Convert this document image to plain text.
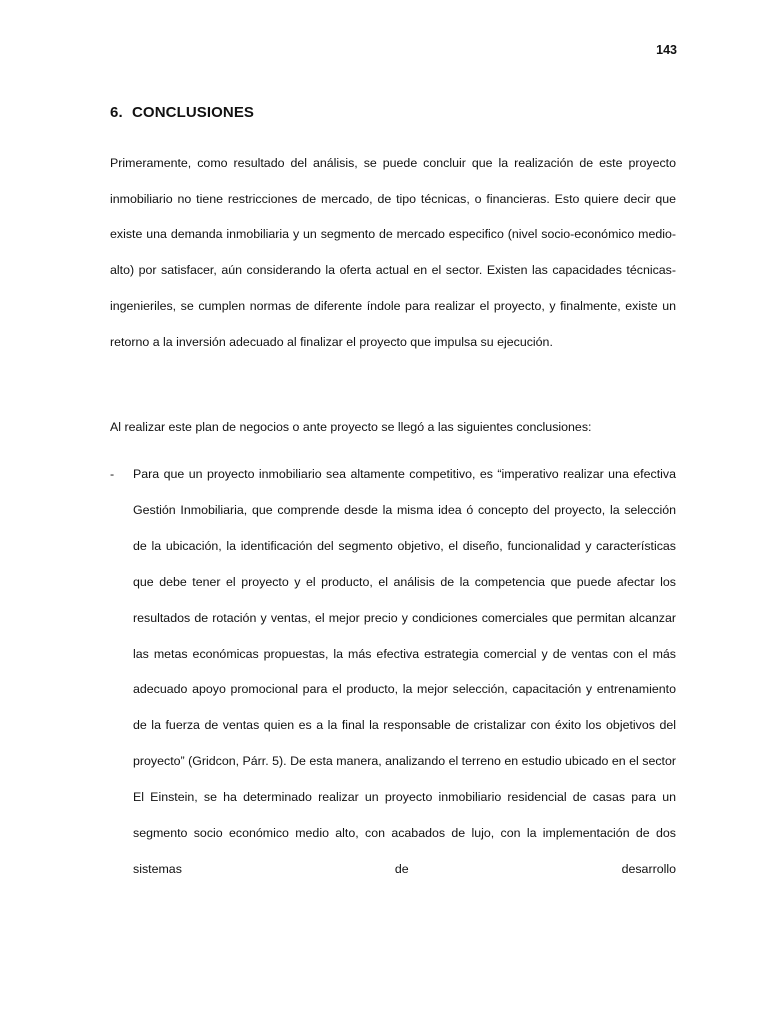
143
6. CONCLUSIONES

Primeramente, como resultado del análisis, se puede concluir que la realización de este proyecto inmobiliario no tiene restricciones de mercado, de tipo técnicas, o financieras. Esto quiere decir que existe una demanda inmobiliaria y un segmento de mercado especifico (nivel socio-económico medio-alto) por satisfacer, aún considerando la oferta actual en el sector. Existen las capacidades técnicas-ingenieriles, se cumplen normas de diferente índole para realizar el proyecto, y finalmente, existe un retorno a la inversión adecuado al finalizar el proyecto que impulsa su ejecución.

Al realizar este plan de negocios o ante proyecto se llegó a las siguientes conclusiones:

- Para que un proyecto inmobiliario sea altamente competitivo, es “imperativo realizar una efectiva Gestión Inmobiliaria, que comprende desde la misma idea ó concepto del proyecto, la selección de la ubicación, la identificación del segmento objetivo, el diseño, funcionalidad y características que debe tener el proyecto y el producto, el análisis de la competencia que puede afectar los resultados de rotación y ventas, el mejor precio y condiciones comerciales que permitan alcanzar las metas económicas propuestas, la más efectiva estrategia comercial y de ventas con el más adecuado apoyo promocional para el producto, la mejor selección, capacitación y entrenamiento de la fuerza de ventas quien es a la final la responsable de cristalizar con éxito los objetivos del proyecto” (Gridcon, Párr. 5). De esta manera, analizando el terreno en estudio ubicado en el sector El Einstein, se ha determinado realizar un proyecto inmobiliario residencial de casas para un segmento socio económico medio alto, con acabados de lujo, con la implementación de dos sistemas de desarrollo
